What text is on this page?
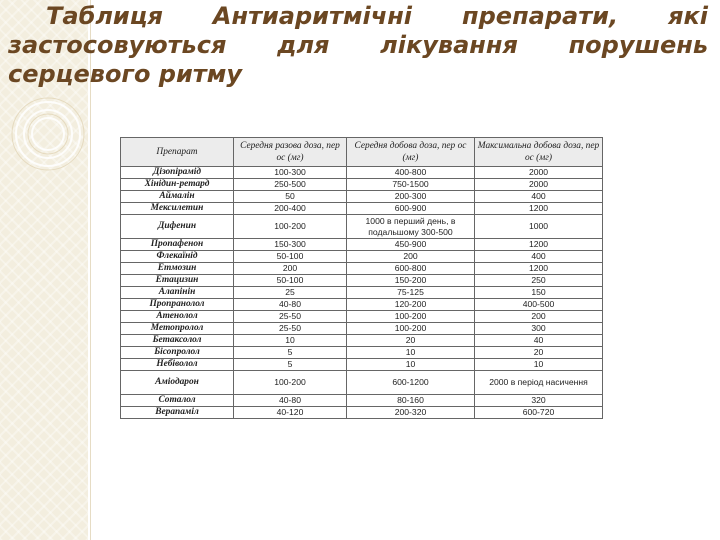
Таблиця Антиаритмічні препарати, які застосовуються для лікування порушень серцевого ритму
Препарат	Середня разова доза, пер ос (мг)	Середня добова доза, пер ос (мг)	Максимальна добова доза, пер ос (мг)
Дізопірамід	100-300	400-800	2000
Хінідин-ретард	250-500	750-1500	2000
Аймалін	50	200-300	400
Мексилетин	200-400	600-900	1200
Дифенин	100-200	1000 в перший день, в подальшому 300-500	1000
Пропафенон	150-300	450-900	1200
Флекаїнід	50-100	200	400
Етмозин	200	600-800	1200
Етацизин	50-100	150-200	250
Алапінін	25	75-125	150
Пропранолол	40-80	120-200	400-500
Атенолол	25-50	100-200	200
Метопролол	25-50	100-200	300
Бетаксолол	10	20	40
Бісопролол	5	10	20
Небіволол	5	10	10
Аміодарон	100-200	600-1200	2000 в період насичення
Соталол	40-80	80-160	320
Верапаміл	40-120	200-320	600-720
